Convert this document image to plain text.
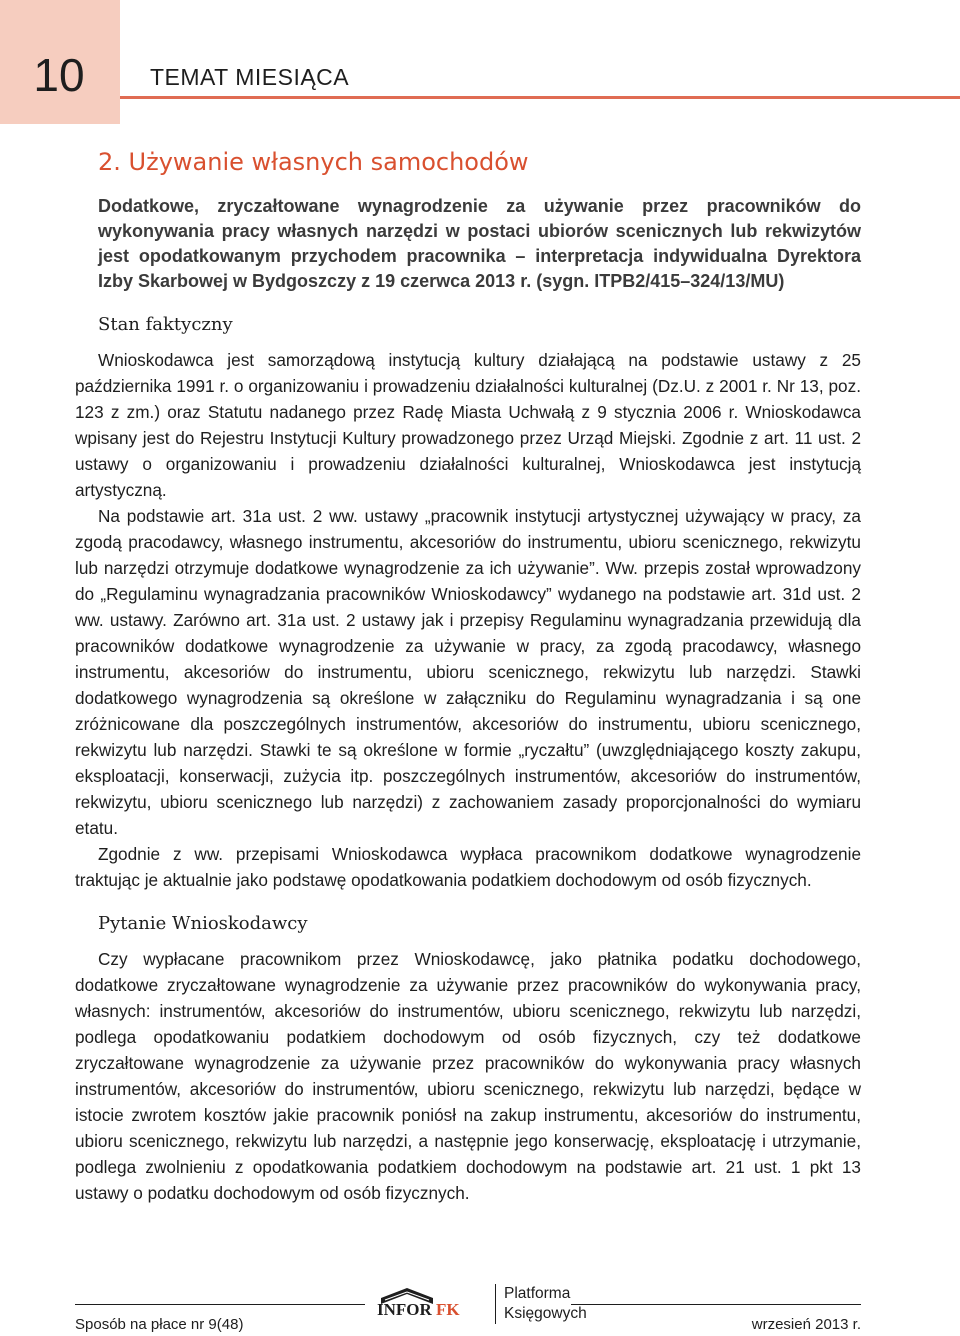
10	TEMAT MIESIĄCA
2. Używanie własnych samochodów
Dodatkowe, zryczałtowane wynagrodzenie za używanie przez pracowników do wykonywania pracy własnych narzędzi w postaci ubiorów scenicznych lub rekwizytów jest opodatkowanym przychodem pracownika – interpretacja indywidualna Dyrektora Izby Skarbowej w Bydgoszczy z 19 czerwca 2013 r. (sygn. ITPB2/415–324/13/MU)
Stan faktyczny

Wnioskodawca jest samorządową instytucją kultury działającą na podstawie ustawy z 25 października 1991 r. o organizowaniu i prowadzeniu działalności kulturalnej (Dz.U. z 2001 r. Nr 13, poz. 123 z zm.) oraz Statutu nadanego przez Radę Miasta Uchwałą z 9 stycznia 2006 r. Wnioskodawca wpisany jest do Rejestru Instytucji Kultury prowadzonego przez Urząd Miejski. Zgodnie z art. 11 ust. 2 ustawy o organizowaniu i prowadzeniu działalności kulturalnej, Wnioskodawca jest instytucją artystyczną.

Na podstawie art. 31a ust. 2 ww. ustawy „pracownik instytucji artystycznej używający w pracy, za zgodą pracodawcy, własnego instrumentu, akcesoriów do instrumentu, ubioru scenicznego, rekwizytu lub narzędzi otrzymuje dodatkowe wynagrodzenie za ich używanie”. Ww. przepis został wprowadzony do „Regulaminu wynagradzania pracowników Wnioskodawcy” wydanego na podstawie art. 31d ust. 2 ww. ustawy. Zarówno art. 31a ust. 2 ustawy jak i przepisy Regulaminu wynagradzania przewidują dla pracowników dodatkowe wynagrodzenie za używanie w pracy, za zgodą pracodawcy, własnego instrumentu, akcesoriów do instrumentu, ubioru scenicznego, rekwizytu lub narzędzi. Stawki dodatkowego wynagrodzenia są określone w załączniku do Regulaminu wynagradzania i są one zróżnicowane dla poszczególnych instrumentów, akcesoriów do instrumentu, ubioru scenicznego, rekwizytu lub narzędzi. Stawki te są określone w formie „ryczałtu” (uwzględniającego koszty zakupu, eksploatacji, konserwacji, zużycia itp. poszczególnych instrumentów, akcesoriów do instrumentów, rekwizytu, ubioru scenicznego lub narzędzi) z zachowaniem zasady proporcjonalności do wymiaru etatu.

Zgodnie z ww. przepisami Wnioskodawca wypłaca pracownikom dodatkowe wynagrodzenie traktując je aktualnie jako podstawę opodatkowania podatkiem dochodowym od osób fizycznych.

Pytanie Wnioskodawcy

Czy wypłacane pracownikom przez Wnioskodawcę, jako płatnika podatku dochodowego, dodatkowe zryczałtowane wynagrodzenie za używanie przez pracowników do wykonywania pracy, własnych: instrumentów, akcesoriów do instrumentów, ubioru scenicznego, rekwizytu lub narzędzi, podlega opodatkowaniu podatkiem dochodowym od osób fizycznych, czy też dodatkowe zryczałtowane wynagrodzenie za używanie przez pracowników do wykonywania pracy własnych instrumentów, akcesoriów do instrumentów, ubioru scenicznego, rekwizytu lub narzędzi, będące w istocie zwrotem kosztów jakie pracownik poniósł na zakup instrumentu, akcesoriów do instrumentu, ubioru scenicznego, rekwizytu lub narzędzi, a następnie jego konserwację, eksploatację i utrzymanie, podlega zwolnieniu z opodatkowania podatkiem dochodowym na podstawie art. 21 ust. 1 pkt 13 ustawy o podatku dochodowym od osób fizycznych.

INFOR FK
Platforma
Księgowych
Sposób na płace nr 9(48)	wrzesień 2013 r.
